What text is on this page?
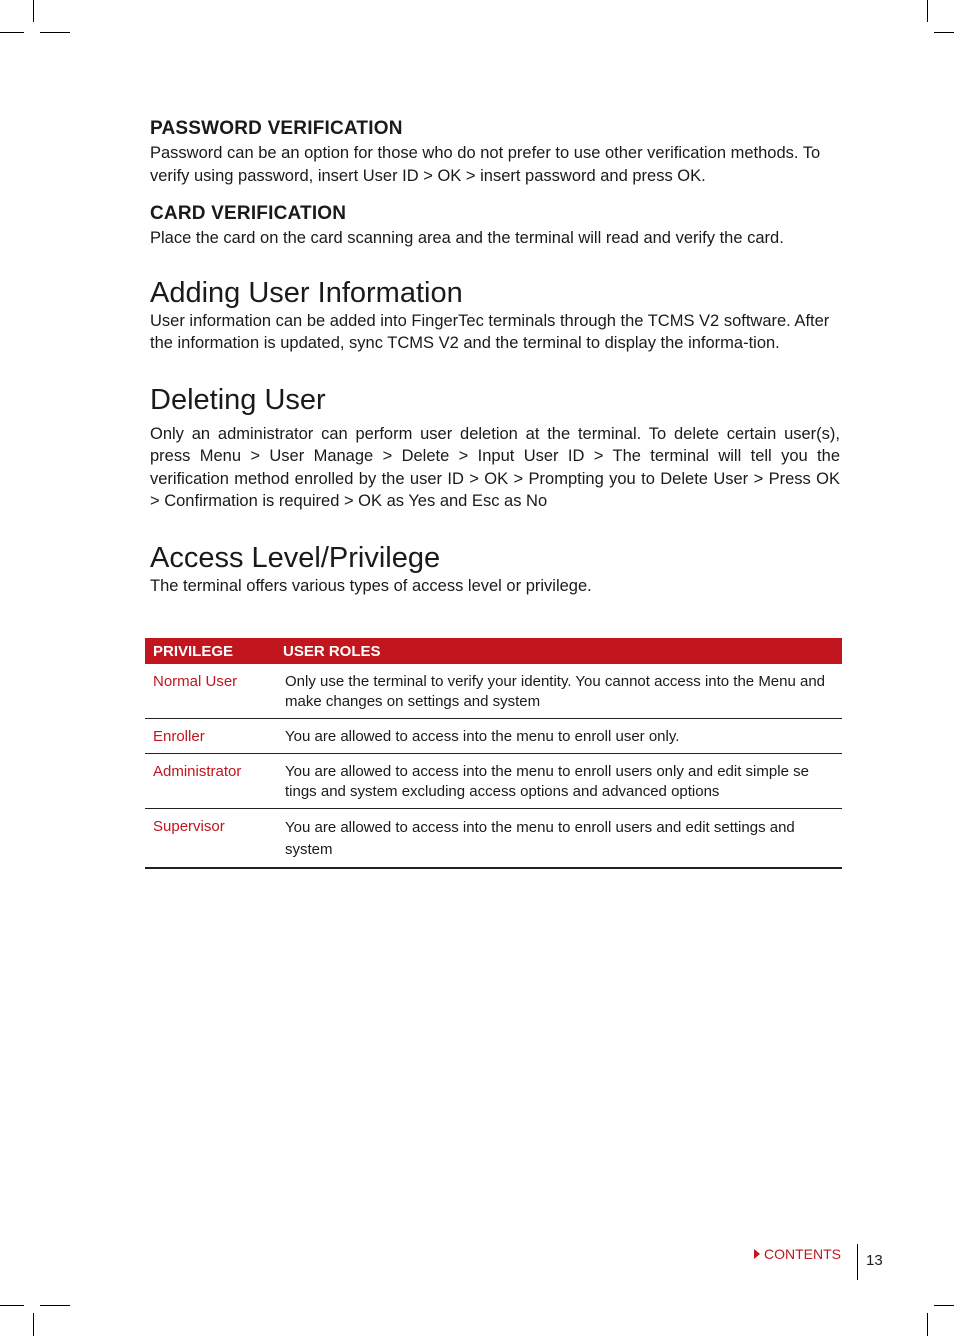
PASSWORD VERIFICATION

Password can be an option for those who do not prefer to use other verification methods. To verify using password, insert User ID > OK > insert password and press OK.

CARD VERIFICATION

Place the card on the card scanning area and the terminal will read and verify the card.

Adding User Information

User information can be added into FingerTec terminals through the TCMS V2 software. After the information is updated, sync TCMS V2 and the terminal to display the informa-tion.

Deleting User

Only an administrator can perform user deletion at the terminal. To delete certain user(s), press Menu > User Manage > Delete > Input User ID > The terminal will tell you the verification method enrolled by the user ID > OK > Prompting you to Delete User > Press OK > Confirmation is required > OK as Yes and Esc as No

Access Level/Privilege

The terminal offers various types of access level or privilege.

PRIVILEGE	USER ROLES
Normal User	Only use the terminal to verify your identity. You cannot access into the Menu and make changes on settings and system
Enroller	You are allowed to access into the menu to enroll user only.
Administrator	You are allowed to access into the menu to enroll users only and edit simple se tings and system excluding access options and advanced options
Supervisor	You are allowed to access into the menu to enroll users and edit settings and system
CONTENTS 13
